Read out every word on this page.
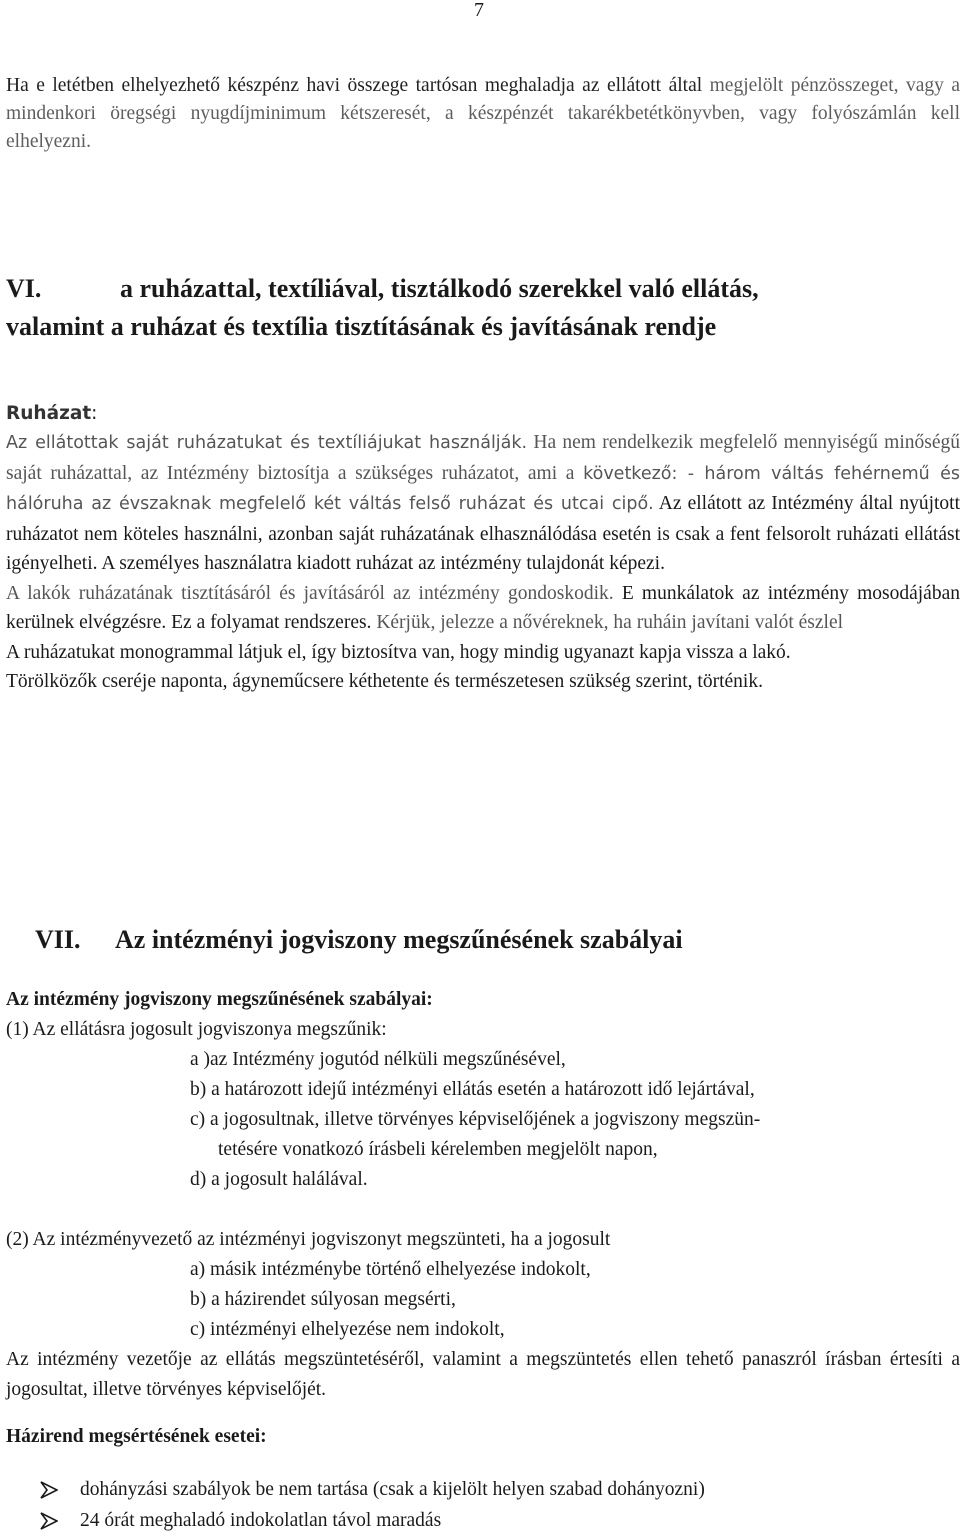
7
Ha e letétben elhelyezhető készpénz havi összege tartósan meghaladja az ellátott által megjelölt pénzösszeget, vagy a mindenkori öregségi nyugdíjminimum kétszeresét, a készpénzét takarékbetétkönyvben, vagy folyószámlán kell elhelyezni.
VI.	a ruházattal, textíliával, tisztálkodó szerekkel való ellátás,
valamint a ruházat és textília tisztításának és javításának rendje
Ruházat:

Az ellátottak saját ruházatukat és textíliájukat használják. Ha nem rendelkezik megfelelő mennyiségű minőségű saját ruházattal, az Intézmény biztosítja a szükséges ruházatot, ami a következő: - három váltás fehérnemű és hálóruha az évszaknak megfelelő két váltás felső ruházat és utcai cipő. Az ellátott az Intézmény által nyújtott ruházatot nem köteles használni, azonban saját ruházatának elhasználódása esetén is csak a fent felsorolt ruházati ellátást igényelheti. A személyes használatra kiadott ruházat az intézmény tulajdonát képezi.

A lakók ruházatának tisztításáról és javításáról az intézmény gondoskodik. E munkálatok az intézmény mosodájában kerülnek elvégzésre. Ez a folyamat rendszeres. Kérjük, jelezze a nővéreknek, ha ruháin javítani valót észlel

A ruházatukat monogrammal látjuk el, így biztosítva van, hogy mindig ugyanazt kapja vissza a lakó.

Törölközők cseréje naponta, ágyneműcsere kéthetente és természetesen szükség szerint, történik.

VII. Az intézményi jogviszony megszűnésének szabályai

Az intézmény jogviszony megszűnésének szabályai:

(1) Az ellátásra jogosult jogviszonya megszűnik:

a )az Intézmény jogutód nélküli megszűnésével,

b) a határozott idejű intézményi ellátás esetén a határozott idő lejártával,

c) a jogosultnak, illetve törvényes képviselőjének a jogviszony megszün-

tetésére vonatkozó írásbeli kérelemben megjelölt napon,

d) a jogosult halálával.

(2) Az intézményvezető az intézményi jogviszonyt megszünteti, ha a jogosult

a) másik intézménybe történő elhelyezése indokolt,

b) a házirendet súlyosan megsérti,

c) intézményi elhelyezése nem indokolt,

Az intézmény vezetője az ellátás megszüntetéséről, valamint a megszüntetés ellen tehető panaszról írásban értesíti a jogosultat, illetve törvényes képviselőjét.

Házirend megsértésének esetei:
dohányzási szabályok be nem tartása (csak a kijelölt helyen szabad dohányozni)
24 órát meghaladó indokolatlan távol maradás
